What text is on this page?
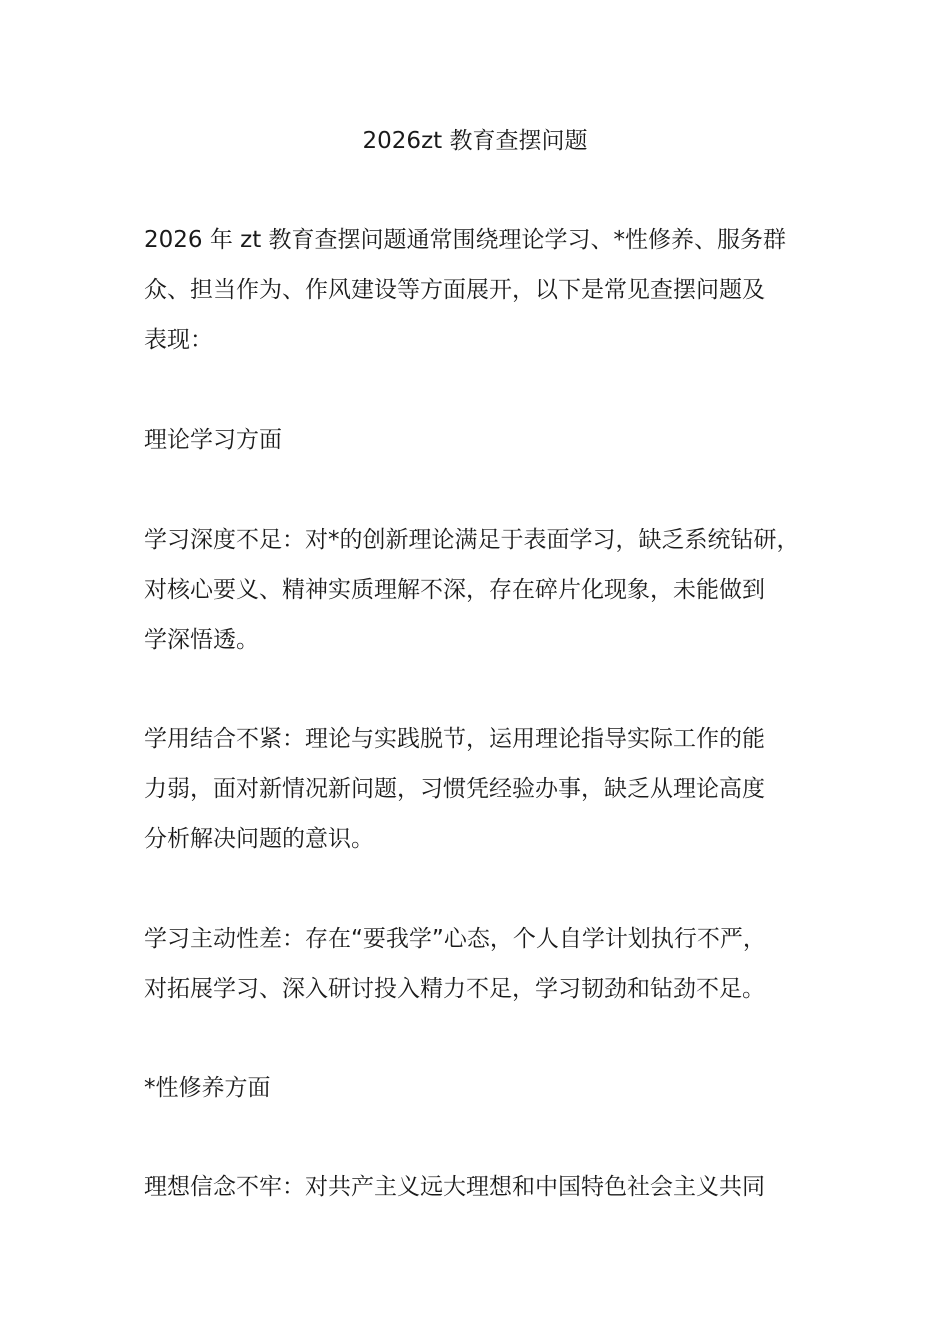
2026zt 教育查摆问题

2026 年 zt 教育查摆问题通常围绕理论学习、*性修养、服务群
众、担当作为、作风建设等方面展开，以下是常见查摆问题及
表现：

理论学习方面

学习深度不足：对*的创新理论满足于表面学习，缺乏系统钻研，
对核心要义、精神实质理解不深，存在碎片化现象，未能做到
学深悟透。

学用结合不紧：理论与实践脱节，运用理论指导实际工作的能
力弱，面对新情况新问题，习惯凭经验办事，缺乏从理论高度
分析解决问题的意识。

学习主动性差：存在“要我学”心态，个人自学计划执行不严，
对拓展学习、深入研讨投入精力不足，学习韧劲和钻劲不足。

*性修养方面

理想信念不牢：对共产主义远大理想和中国特色社会主义共同
